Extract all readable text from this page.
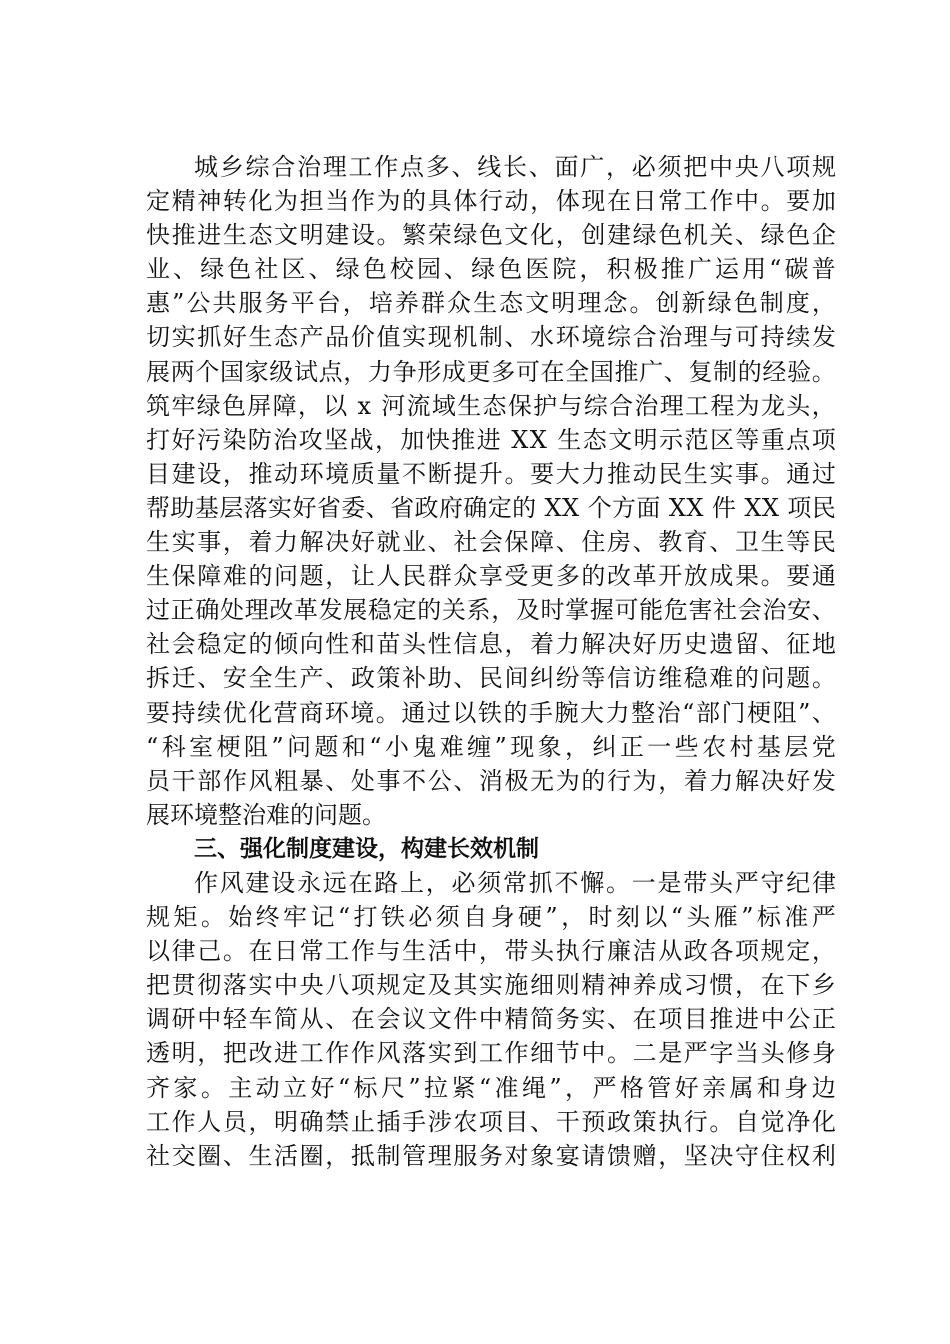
城 乡 综 合 治 理 工 作 点 多 、 线 长 、 面 广 ， 必 须 把 中 央 八 项 规
定 精 神 转 化 为 担 当 作 为 的 具 体 行 动 ， 体 现 在 日 常 工 作 中 。 要 加
快 推 进 生 态 文 明 建 设 。 繁 荣 绿 色 文 化 ， 创 建 绿 色 机 关 、 绿 色 企
业 、 绿 色 社 区 、 绿 色 校 园 、 绿 色 医 院 ， 积 极 推 广 运 用 “ 碳 普
惠 ” 公 共 服 务 平 台 ， 培 养 群 众 生 态 文 明 理 念 。 创 新 绿 色 制 度 ，
切 实 抓 好 生 态 产 品 价 值 实 现 机 制 、 水 环 境 综 合 治 理 与 可 持 续 发
展 两 个 国 家 级 试 点 ， 力 争 形 成 更 多 可 在 全 国 推 广 、 复 制 的 经 验 。
筑 牢 绿 色 屏 障 ， 以
x
河 流 域 生 态 保 护 与 综 合 治 理 工 程 为 龙 头 ，
打 好 污 染 防 治 攻 坚 战 ， 加 快 推 进
X X
生 态 文 明 示 范 区 等 重 点 项
目 建 设 ， 推 动 环 境 质 量 不 断 提 升 。 要 大 力 推 动 民 生 实 事 。 通 过
帮 助 基 层 落 实 好 省 委 、 省 政 府 确 定 的
X X
个 方 面
X X
件
X X
项 民
生 实 事 ， 着 力 解 决 好 就 业 、 社 会 保 障 、 住 房 、 教 育 、 卫 生 等 民
生 保 障 难 的 问 题 ， 让 人 民 群 众 享 受 更 多 的 改 革 开 放 成 果 。 要 通
过 正 确 处 理 改 革 发 展 稳 定 的 关 系 ， 及 时 掌 握 可 能 危 害 社 会 治 安 、
社 会 稳 定 的 倾 向 性 和 苗 头 性 信 息 ， 着 力 解 决 好 历 史 遗 留 、 征 地
拆 迁 、 安 全 生 产 、 政 策 补 助 、 民 间 纠 纷 等 信 访 维 稳 难 的 问 题 。
要 持 续 优 化 营 商 环 境 。 通 过 以 铁 的 手 腕 大 力 整 治 “ 部 门 梗 阻 ” 、
“ 科 室 梗 阻 ” 问 题 和 “ 小 鬼 难 缠 ” 现 象 ， 纠 正 一 些 农 村 基 层 党
员 干 部 作 风 粗 暴 、 处 事 不 公 、 消 极 无 为 的 行 为 ， 着 力 解 决 好 发
展环境整治难的问题。
三、强化制度建设，构建长效机制
作 风 建 设 永 远 在 路 上 ， 必 须 常 抓 不 懈 。 一 是 带 头 严 守 纪 律
规 矩 。 始 终 牢 记 “ 打 铁 必 须 自 身 硬 ” ， 时 刻 以 “ 头 雁 ” 标 准 严
以 律 己 。 在 日 常 工 作 与 生 活 中 ， 带 头 执 行 廉 洁 从 政 各 项 规 定 ，
把 贯 彻 落 实 中 央 八 项 规 定 及 其 实 施 细 则 精 神 养 成 习 惯 ， 在 下 乡
调 研 中 轻 车 简 从 、 在 会 议 文 件 中 精 简 务 实 、 在 项 目 推 进 中 公 正
透 明 ， 把 改 进 工 作 作 风 落 实 到 工 作 细 节 中 。 二 是 严 字 当 头 修 身
齐 家 。 主 动 立 好 “ 标 尺 ” 拉 紧 “ 准 绳 ” ， 严 格 管 好 亲 属 和 身 边
工 作 人 员 ， 明 确 禁 止 插 手 涉 农 项 目 、 干 预 政 策 执 行 。 自 觉 净 化
社 交 圈 、 生 活 圈 ， 抵 制 管 理 服 务 对 象 宴 请 馈 赠 ， 坚 决 守 住 权 利
